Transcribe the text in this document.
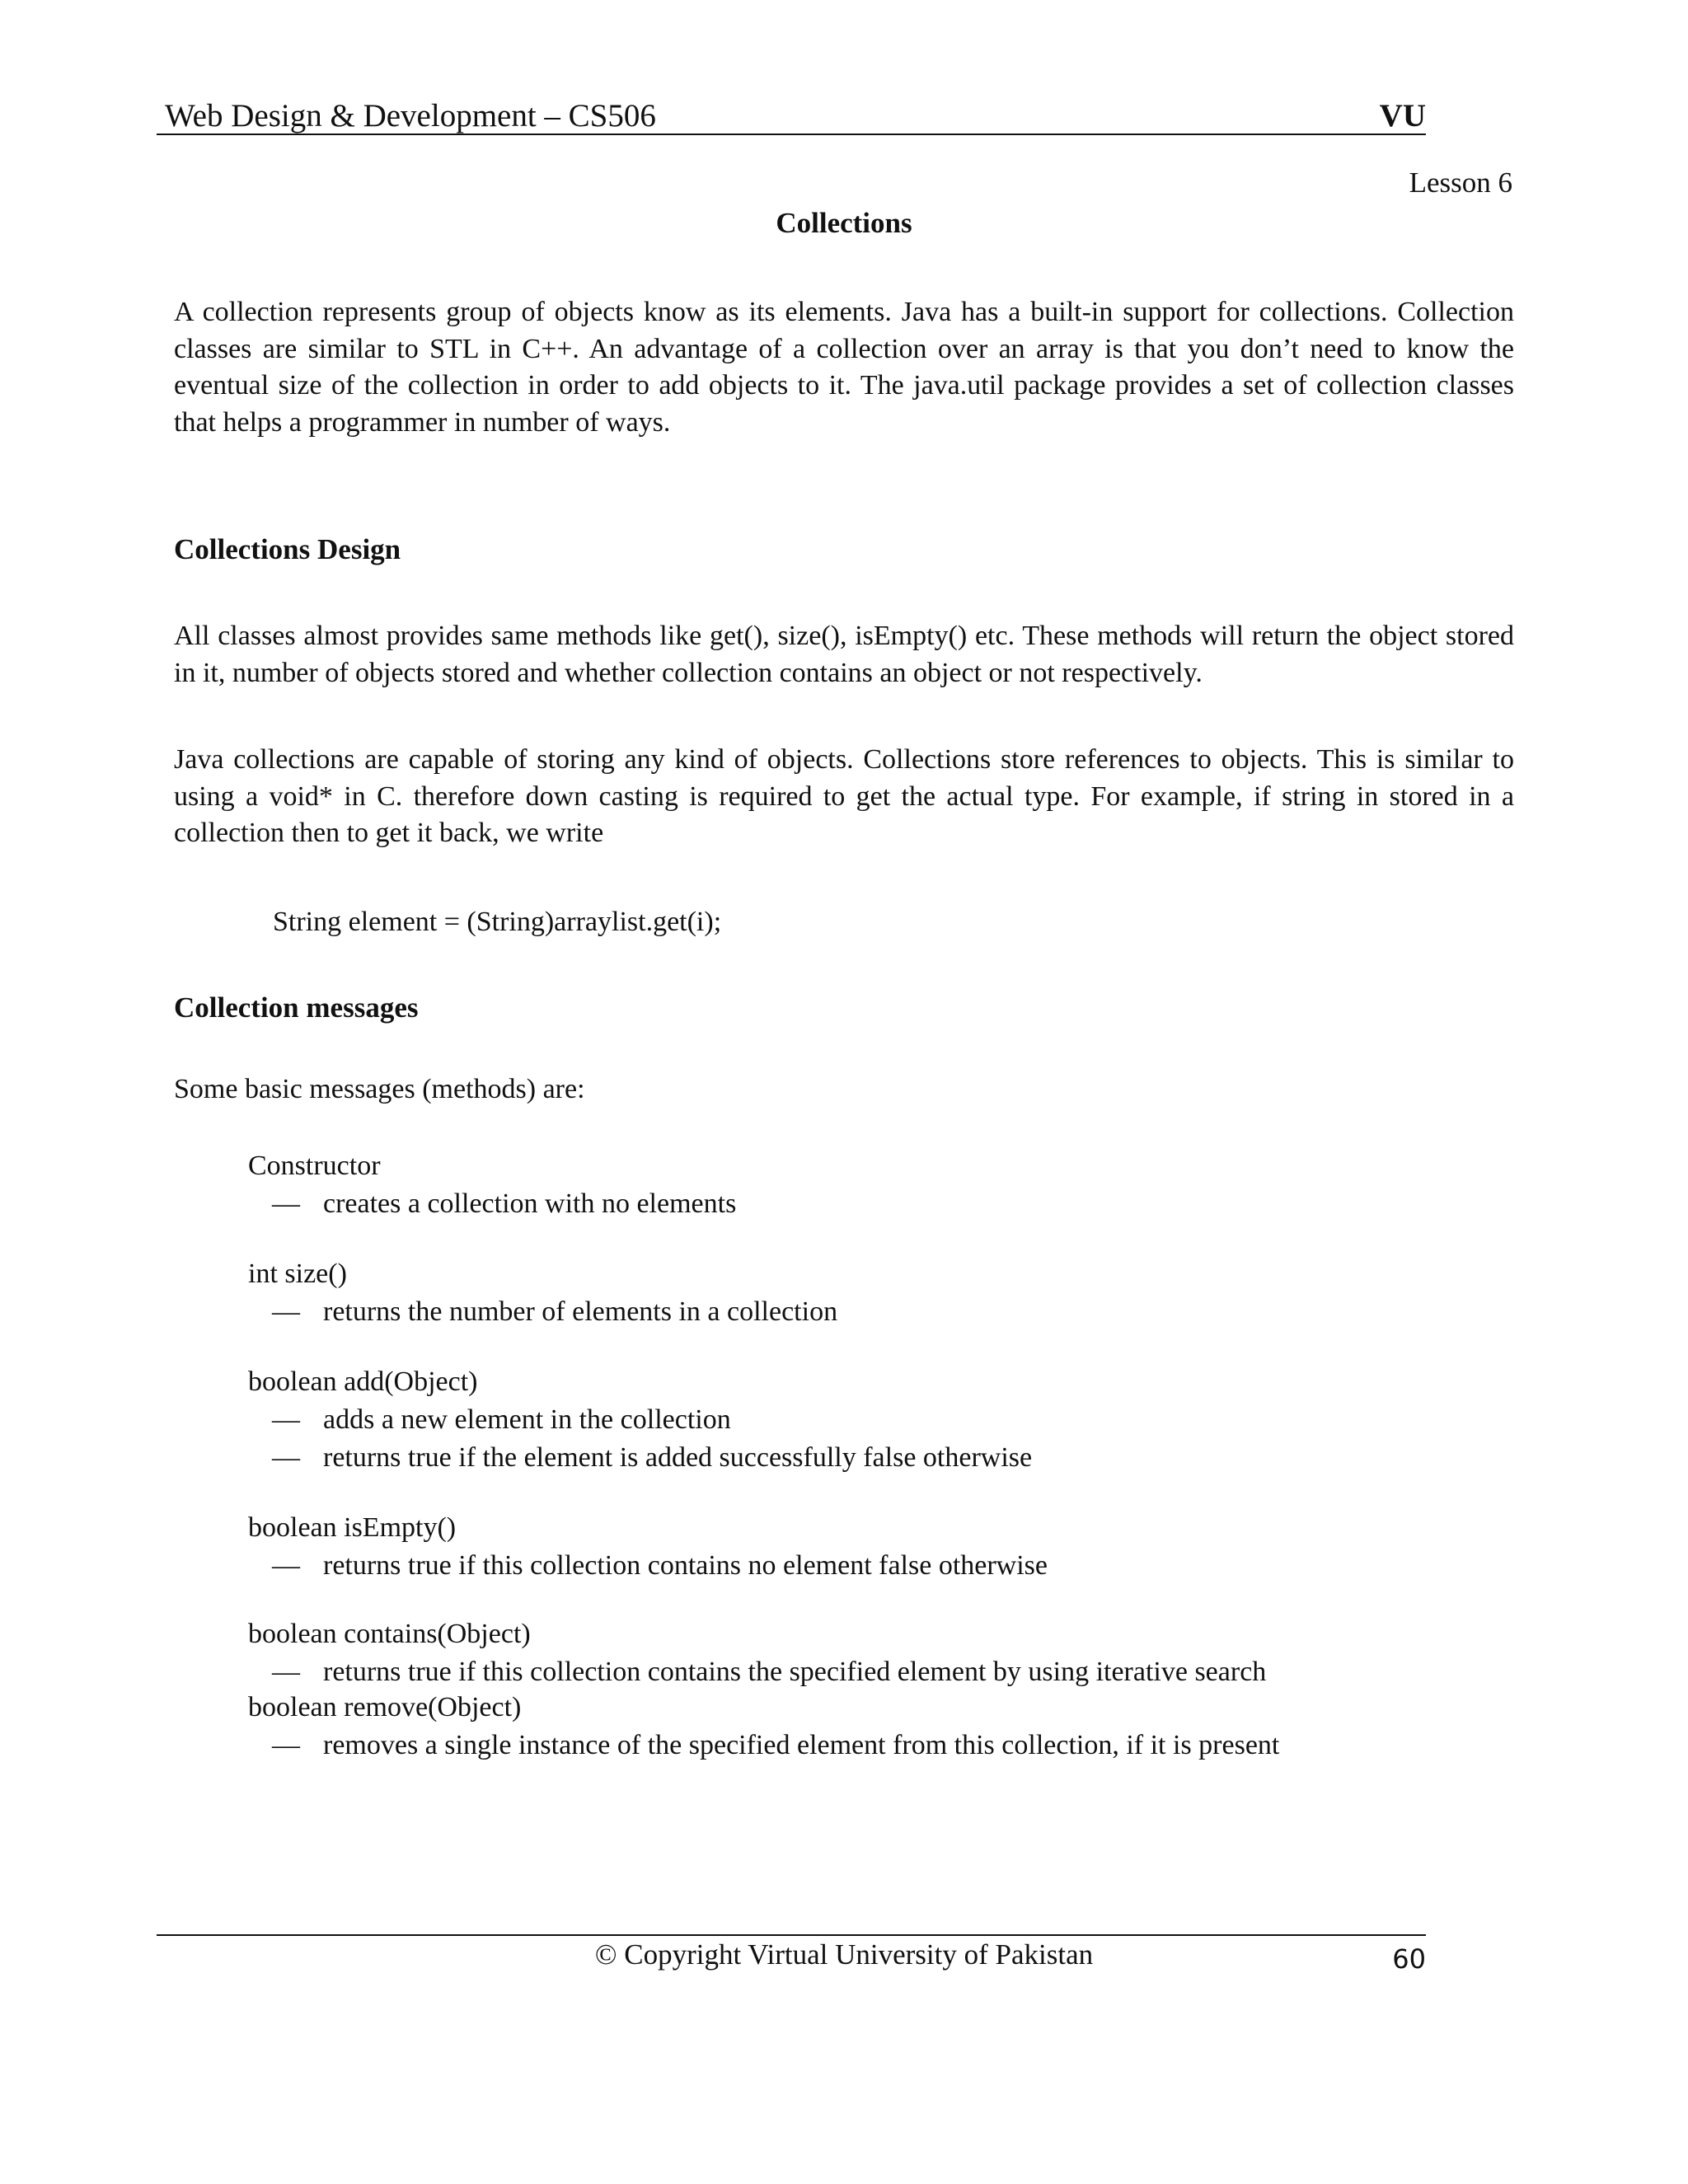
Web Design & Development – CS506	VU
Lesson 6
Collections
A collection represents group of objects know as its elements. Java has a built-in support for collections. Collection classes are similar to STL in C++. An advantage of a collection over an array is that you don’t need to know the eventual size of the collection in order to add objects to it. The java.util package provides a set of collection classes that helps a programmer in number of ways.
Collections Design
All classes almost provides same methods like get(), size(), isEmpty() etc. These methods will return the object stored in it, number of objects stored and whether collection contains an object or not respectively.
Java collections are capable of storing any kind of objects. Collections store references to objects. This is similar to using a void* in C. therefore down casting is required to get the actual type. For example, if string in stored in a collection then to get it back, we write
String element = (String)arraylist.get(i);
Collection messages
Some basic messages (methods) are:
Constructor
— creates a collection with no elements
int size()
— returns the number of elements in a collection
boolean add(Object)
— adds a new element in the collection
— returns true if the element is added successfully false otherwise
boolean isEmpty()
— returns true if this collection contains no element false otherwise
boolean contains(Object)
— returns true if this collection contains the specified element by using iterative search
boolean remove(Object)
— removes a single instance of the specified element from this collection, if it is present
© Copyright Virtual University of Pakistan	60
